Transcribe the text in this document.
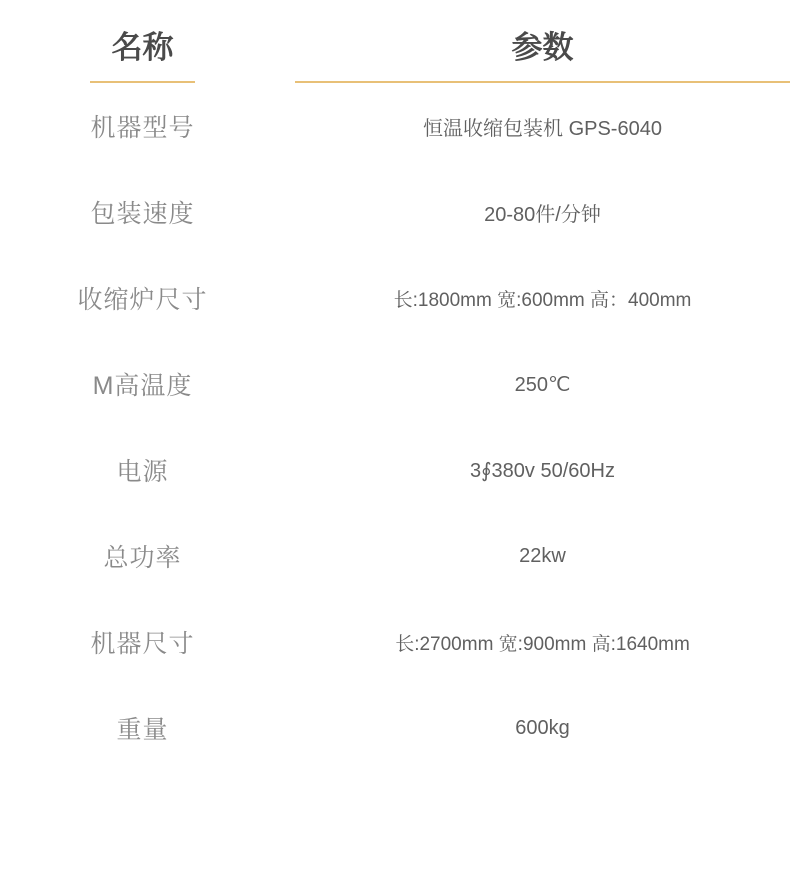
名称	参数

机器型号	恒温收缩包装机 GPS-6040
包装速度	20-80件/分钟
收缩炉尺寸	长:1800mm 宽:600mm 高：400mm
M高温度	250℃
电源	3∮380v 50/60Hz
总功率	22kw
机器尺寸	长:2700mm 宽:900mm 高:1640mm
重量	600kg
